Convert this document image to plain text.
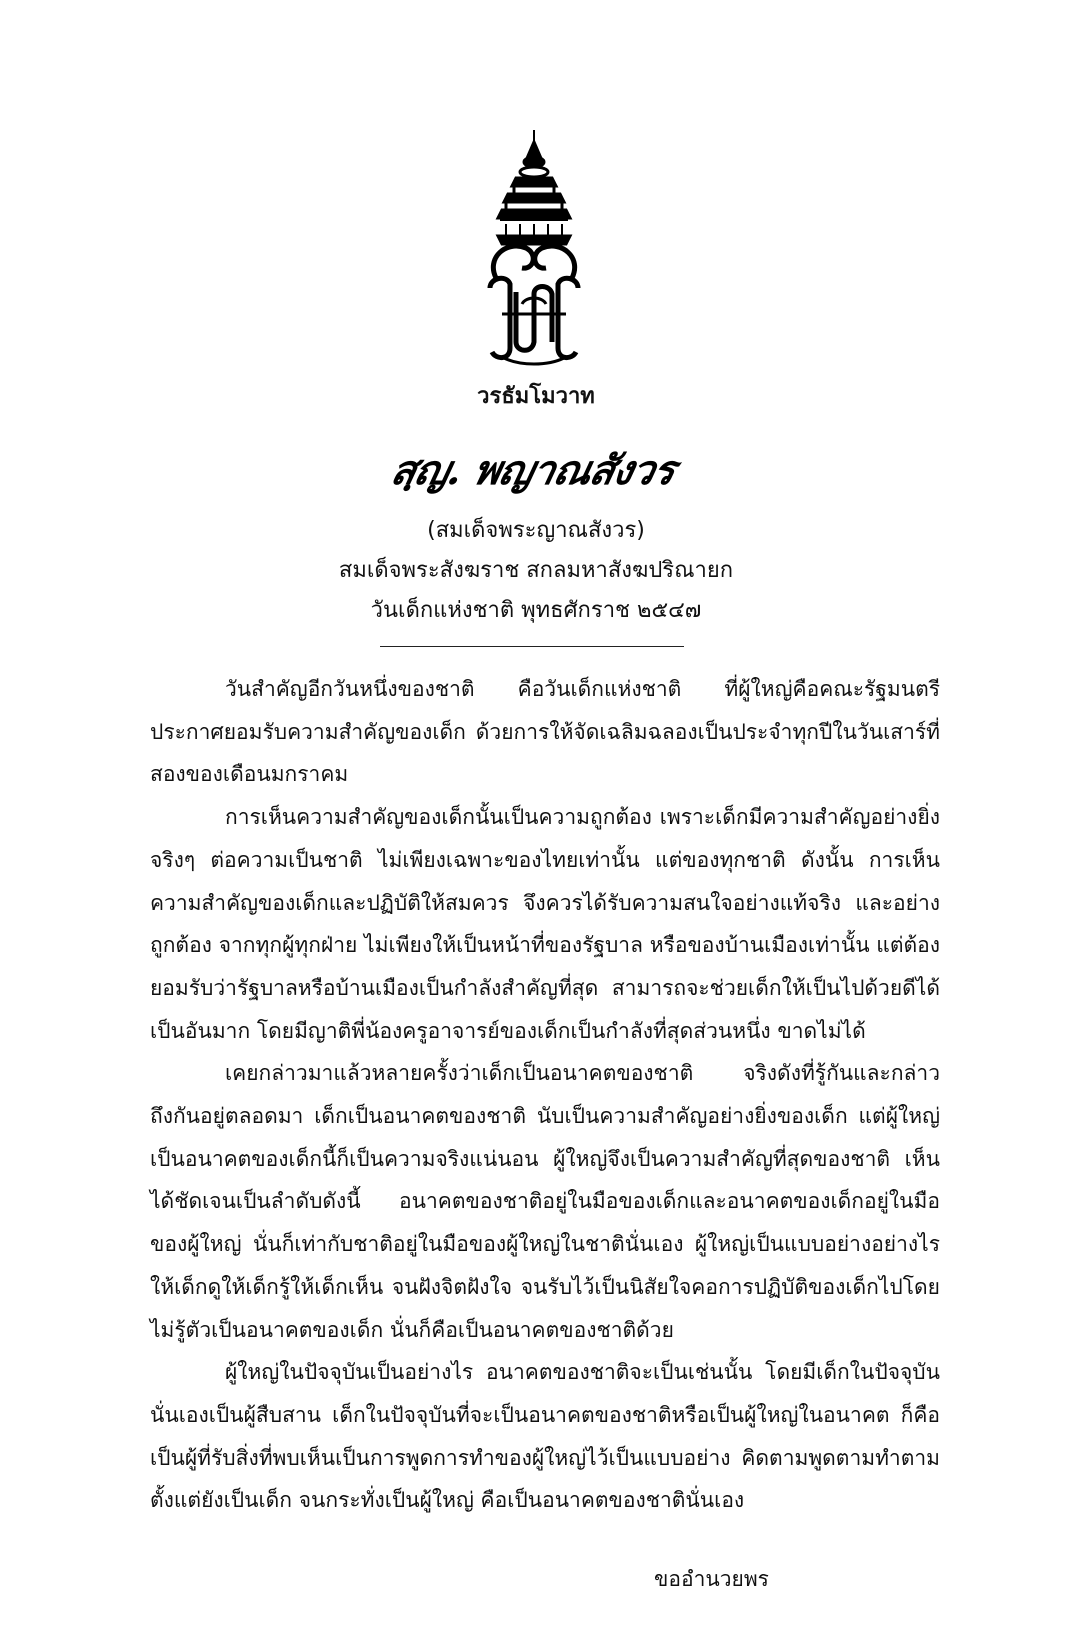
วรธัมโมวาท
สฺญ. พญาณสังวร
(สมเด็จพระญาณสังวร)
สมเด็จพระสังฆราช สกลมหาสังฆปริณายก
วันเด็กแห่งชาติ พุทธศักราช ๒๕๔๗

วันสำคัญอีกวันหนึ่งของชาติ คือวันเด็กแห่งชาติ ที่ผู้ใหญ่คือคณะรัฐมนตรีประกาศยอมรับความสำคัญของเด็ก ด้วยการให้จัดเฉลิมฉลองเป็นประจำทุกปีในวันเสาร์ที่สองของเดือนมกราคม

การเห็นความสำคัญของเด็กนั้นเป็นความถูกต้อง เพราะเด็กมีความสำคัญอย่างยิ่งจริงๆ ต่อความเป็นชาติ ไม่เพียงเฉพาะของไทยเท่านั้น แต่ของทุกชาติ ดังนั้น การเห็นความสำคัญของเด็กและปฏิบัติให้สมควร จึงควรได้รับความสนใจอย่างแท้จริง และอย่างถูกต้อง จากทุกผู้ทุกฝ่าย ไม่เพียงให้เป็นหน้าที่ของรัฐบาล หรือของบ้านเมืองเท่านั้น แต่ต้องยอมรับว่ารัฐบาลหรือบ้านเมืองเป็นกำลังสำคัญที่สุด สามารถจะช่วยเด็กให้เป็นไปด้วยดีได้เป็นอันมาก โดยมีญาติพี่น้องครูอาจารย์ของเด็กเป็นกำลังที่สุดส่วนหนึ่ง ขาดไม่ได้

เคยกล่าวมาแล้วหลายครั้งว่าเด็กเป็นอนาคตของชาติ จริงดังที่รู้กันและกล่าวถึงกันอยู่ตลอดมา เด็กเป็นอนาคตของชาติ นับเป็นความสำคัญอย่างยิ่งของเด็ก แต่ผู้ใหญ่เป็นอนาคตของเด็กนี้ก็เป็นความจริงแน่นอน ผู้ใหญ่จึงเป็นความสำคัญที่สุดของชาติ เห็นได้ชัดเจนเป็นลำดับดังนี้ อนาคตของชาติอยู่ในมือของเด็กและอนาคตของเด็กอยู่ในมือของผู้ใหญ่ นั่นก็เท่ากับชาติอยู่ในมือของผู้ใหญ่ในชาตินั่นเอง ผู้ใหญ่เป็นแบบอย่างอย่างไร ให้เด็กดูให้เด็กรู้ให้เด็กเห็น จนฝังจิตฝังใจ จนรับไว้เป็นนิสัยใจคอการปฏิบัติของเด็กไปโดยไม่รู้ตัวเป็นอนาคตของเด็ก นั่นก็คือเป็นอนาคตของชาติด้วย

ผู้ใหญ่ในปัจจุบันเป็นอย่างไร อนาคตของชาติจะเป็นเช่นนั้น โดยมีเด็กในปัจจุบันนั่นเองเป็นผู้สืบสาน เด็กในปัจจุบันที่จะเป็นอนาคตของชาติหรือเป็นผู้ใหญ่ในอนาคต ก็คือเป็นผู้ที่รับสิ่งที่พบเห็นเป็นการพูดการทำของผู้ใหญ่ไว้เป็นแบบอย่าง คิดตามพูดตามทำตามตั้งแต่ยังเป็นเด็ก จนกระทั่งเป็นผู้ใหญ่ คือเป็นอนาคตของชาตินั่นเอง

ขออำนวยพร
